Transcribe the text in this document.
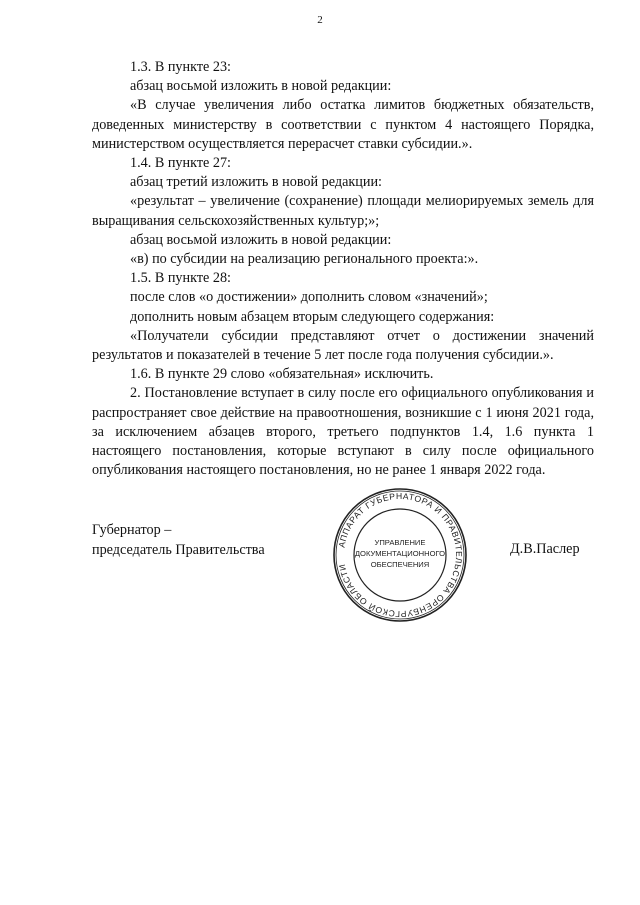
2

1.3. В пункте 23:

абзац восьмой изложить в новой редакции:

«В случае увеличения либо остатка лимитов бюджетных обязательств, доведенных министерству в соответствии с пунктом 4 настоящего Порядка, министерством осуществляется перерасчет ставки субсидии.».

1.4. В пункте 27:

абзац третий изложить в новой редакции:

«результат – увеличение (сохранение) площади мелиорируемых земель для выращивания сельскохозяйственных культур;»;

абзац восьмой изложить в новой редакции:

«в) по субсидии на реализацию регионального проекта:».

1.5. В пункте 28:

после слов «о достижении» дополнить словом «значений»;

дополнить новым абзацем вторым следующего содержания:

«Получатели субсидии представляют отчет о достижении значений результатов и показателей в течение 5 лет после года получения субсидии.».

1.6. В пункте 29 слово «обязательная» исключить.

2. Постановление вступает в силу после его официального опубликования и распространяет свое действие на правоотношения, возникшие с 1 июня 2021 года, за исключением абзацев второго, третьего подпунктов 1.4, 1.6 пункта 1 настоящего постановления, которые вступают в силу после официального опубликования настоящего постановления, но не ранее 1 января 2022 года.

Губернатор –
председатель Правительства	Д.В.Паслер
АППАРАТ ГУБЕРНАТОРА И ПРАВИТЕЛЬСТВА ОРЕНБУРГСКОЙ ОБЛАСТИ
УПРАВЛЕНИЕ
ДОКУМЕНТАЦИОННОГО
ОБЕСПЕЧЕНИЯ
